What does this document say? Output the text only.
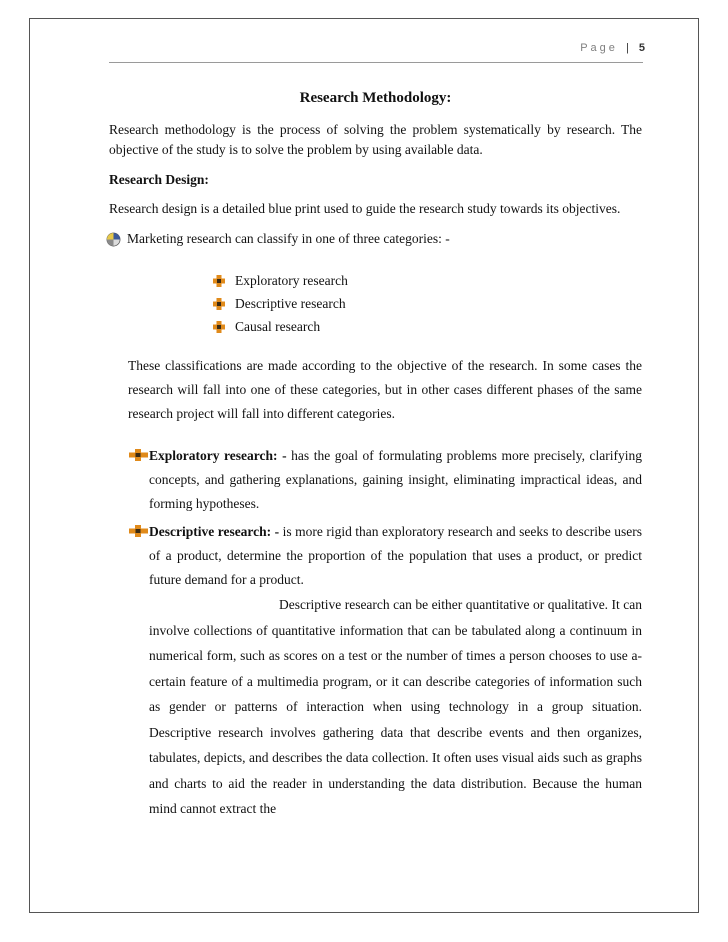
Page | 5
Research Methodology:

Research methodology is the process of solving the problem systematically by research. The objective of the study is to solve the problem by using available data.

Research Design:

Research design is a detailed blue print used to guide the research study towards its objectives.

Marketing research can classify in one of three categories: -
Exploratory research
Descriptive research
Causal research

These classifications are made according to the objective of the research. In some cases the research will fall into one of these categories, but in other cases different phases of the same research project will fall into different categories.

Exploratory research: - has the goal of formulating problems more precisely, clarifying concepts, and gathering explanations, gaining insight, eliminating impractical ideas, and forming hypotheses.
Descriptive research: - is more rigid than exploratory research and seeks to describe users of a product, determine the proportion of the population that uses a product, or predict future demand for a product.

Descriptive research can be either quantitative or qualitative. It can involve collections of quantitative information that can be tabulated along a continuum in numerical form, such as scores on a test or the number of times a person chooses to use a-certain feature of a multimedia program, or it can describe categories of information such as gender or patterns of interaction when using technology in a group situation. Descriptive research involves gathering data that describe events and then organizes, tabulates, depicts, and describes the data collection. It often uses visual aids such as graphs and charts to aid the reader in understanding the data distribution. Because the human mind cannot extract the
